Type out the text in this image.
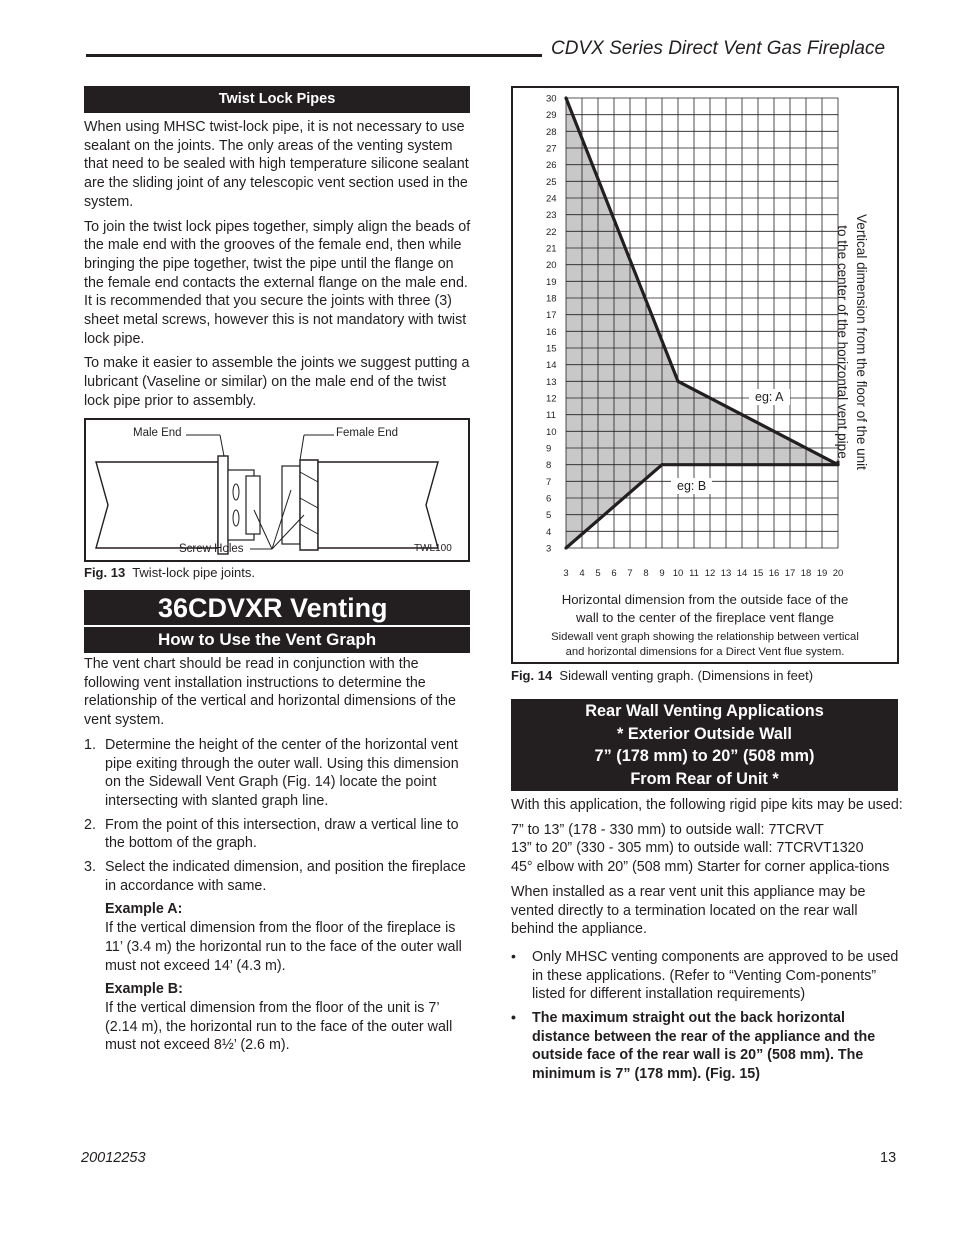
CDVX Series Direct Vent Gas Fireplace
Twist Lock Pipes

When using MHSC twist-lock pipe, it is not necessary to use sealant on the joints. The only areas of the venting system that need to be sealed with high temperature silicone sealant are the sliding joint of any telescopic vent section used in the system.

To join the twist lock pipes together, simply align the beads of the male end with the grooves of the female end, then while bringing the pipe together, twist the pipe until the flange on the female end contacts the external flange on the male end. It is recommended that you secure the joints with three (3) sheet metal screws, however this is not mandatory with twist lock pipe.

To make it easier to assemble the joints we suggest putting a lubricant (Vaseline or similar) on the male end of the twist lock pipe prior to assembly.

Male End	Female End
Screw Holes	TWL100
Fig. 13 Twist-lock pipe joints.
36CDVXR Venting
How to Use the Vent Graph

The vent chart should be read in conjunction with the following vent installation instructions to determine the relationship of the vertical and horizontal dimensions of the vent system.

1. Determine the height of the center of the horizontal vent pipe exiting through the outer wall. Using this dimension on the Sidewall Vent Graph (Fig. 14) locate the point intersecting with slanted graph line.
2. From the point of this intersection, draw a vertical line to the bottom of the graph.
3. Select the indicated dimension, and position the fireplace in accordance with same.
Example A:
If the vertical dimension from the floor of the fireplace is 11’ (3.4 m) the horizontal run to the face of the outer wall must not exceed 14’ (4.3 m).
Example B:
If the vertical dimension from the floor of the unit is 7’ (2.14 m), the horizontal run to the face of the outer wall must not exceed 8½’ (2.6 m).
3
4
5
6
7
8
9
10
11
12
13
14
15
16
17
18
19
20
21
22
23
24
25
26
27
28
29
30
3 4 5 6 7 8 9 10 11 12 13 14 15 16 17 18 19 20
eg: A
eg: B
Vertical dimension from the floor of the unit
to the center of the horizontal vent pipe
Horizontal dimension from the outside face of the
wall to the center of the fireplace vent flange
Sidewall vent graph showing the relationship between vertical
and horizontal dimensions for a Direct Vent flue system.
Fig. 14 Sidewall venting graph. (Dimensions in feet)
Rear Wall Venting Applications
* Exterior Outside Wall
7” (178 mm) to 20” (508 mm)
From Rear of Unit *

With this application, the following rigid pipe kits may be used:

7” to 13” (178 - 330 mm) to outside wall: 7TCRVT
13” to 20” (330 - 305 mm) to outside wall: 7TCRVT1320
45° elbow with 20” (508 mm) Starter for corner applica-tions

When installed as a rear vent unit this appliance may be vented directly to a termination located on the rear wall behind the appliance.

• Only MHSC venting components are approved to be used in these applications. (Refer to “Venting Com-ponents” listed for different installation requirements)
• The maximum straight out the back horizontal distance between the rear of the appliance and the outside face of the rear wall is 20” (508 mm). The minimum is 7” (178 mm). (Fig. 15)
20012253	13
